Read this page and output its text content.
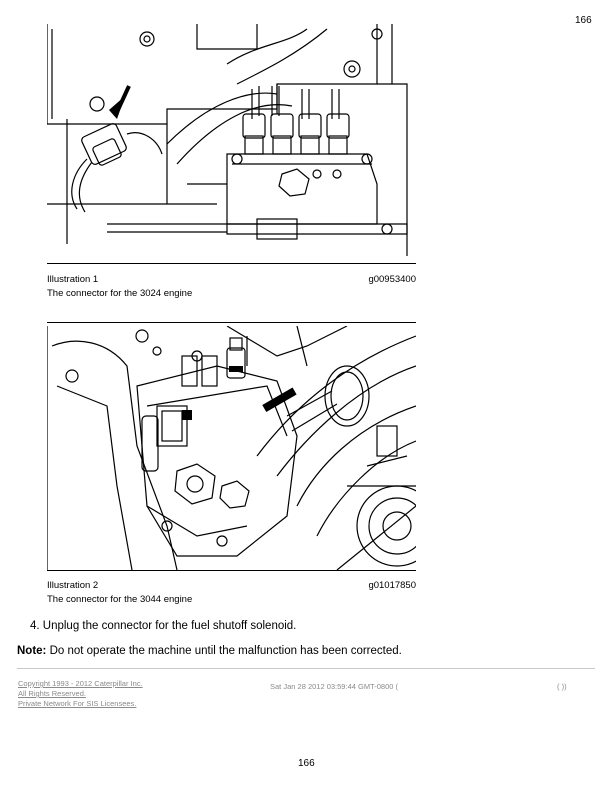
166
Illustration 1	g00953400
The connector for the 3024 engine
Illustration 2	g01017850
The connector for the 3044 engine
4. Unplug the connector for the fuel shutoff solenoid.
Note: Do not operate the machine until the malfunction has been corrected.
Copyright 1993 - 2012 Caterpillar Inc.
All Rights Reserved.
Private Network For SIS Licensees.
Sat Jan 28 2012 03:59:44 GMT-0800 (	( ))
166
